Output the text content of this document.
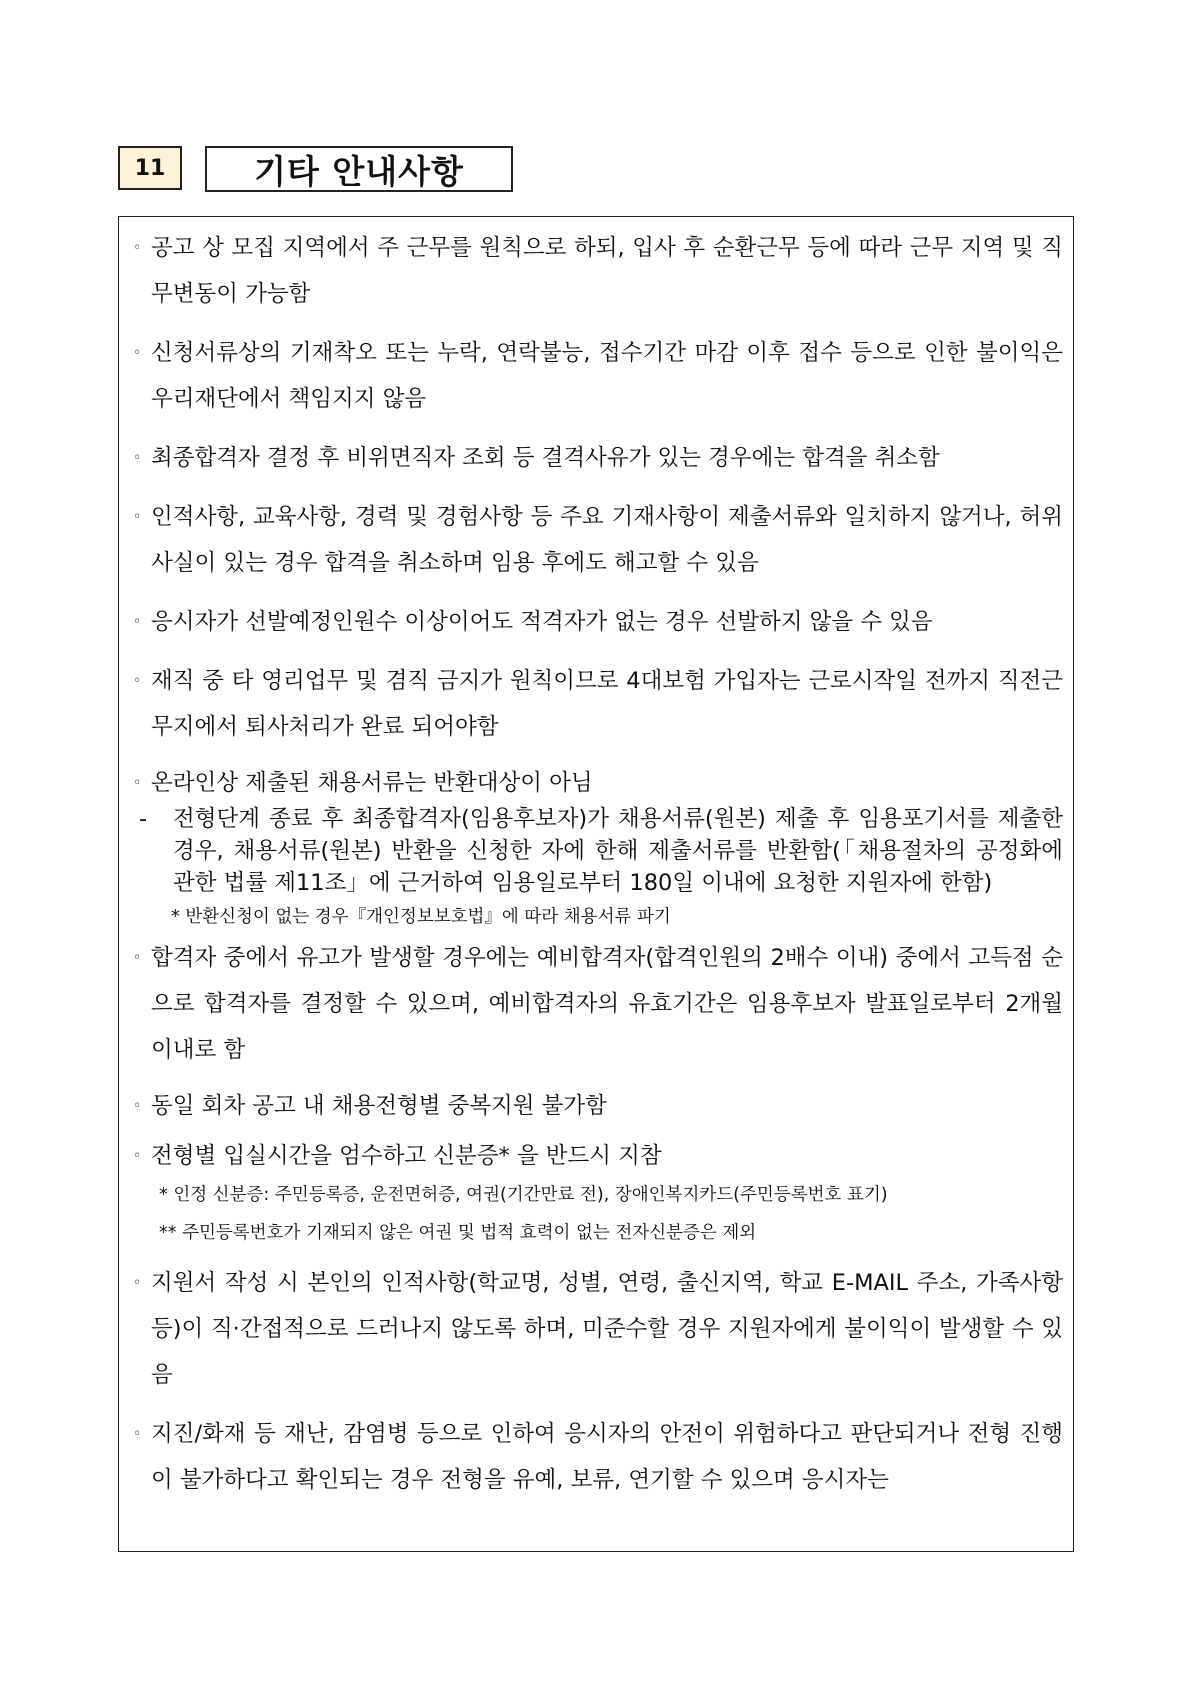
11	기타 안내사항
◦ 공고 상 모집 지역에서 주 근무를 원칙으로 하되, 입사 후 순환근무 등에 따라 근무 지역 및 직무변동이 가능함
◦ 신청서류상의 기재착오 또는 누락, 연락불능, 접수기간 마감 이후 접수 등으로 인한 불이익은 우리재단에서 책임지지 않음
◦ 최종합격자 결정 후 비위면직자 조회 등 결격사유가 있는 경우에는 합격을 취소함
◦ 인적사항, 교육사항, 경력 및 경험사항 등 주요 기재사항이 제출서류와 일치하지 않거나, 허위사실이 있는 경우 합격을 취소하며 임용 후에도 해고할 수 있음
◦ 응시자가 선발예정인원수 이상이어도 적격자가 없는 경우 선발하지 않을 수 있음
◦ 재직 중 타 영리업무 및 겸직 금지가 원칙이므로 4대보험 가입자는 근로시작일 전까지 직전근무지에서 퇴사처리가 완료 되어야함
◦ 온라인상 제출된 채용서류는 반환대상이 아님
- 전형단계 종료 후 최종합격자(임용후보자)가 채용서류(원본) 제출 후 임용포기서를 제출한 경우, 채용서류(원본) 반환을 신청한 자에 한해 제출서류를 반환함(「채용절차의 공정화에 관한 법률 제11조」에 근거하여 임용일로부터 180일 이내에 요청한 지원자에 한함)
* 반환신청이 없는 경우『개인정보보호법』에 따라 채용서류 파기
◦ 합격자 중에서 유고가 발생할 경우에는 예비합격자(합격인원의 2배수 이내) 중에서 고득점 순으로 합격자를 결정할 수 있으며, 예비합격자의 유효기간은 임용후보자 발표일로부터 2개월 이내로 함
◦ 동일 회차 공고 내 채용전형별 중복지원 불가함
◦ 전형별 입실시간을 엄수하고 신분증* 을 반드시 지참
* 인정 신분증: 주민등록증, 운전면허증, 여권(기간만료 전), 장애인복지카드(주민등록번호 표기)
** 주민등록번호가 기재되지 않은 여권 및 법적 효력이 없는 전자신분증은 제외
◦ 지원서 작성 시 본인의 인적사항(학교명, 성별, 연령, 출신지역, 학교 E-MAIL 주소, 가족사항 등)이 직·간접적으로 드러나지 않도록 하며, 미준수할 경우 지원자에게 불이익이 발생할 수 있음
◦ 지진/화재 등 재난, 감염병 등으로 인하여 응시자의 안전이 위험하다고 판단되거나 전형 진행이 불가하다고 확인되는 경우 전형을 유예, 보류, 연기할 수 있으며 응시자는
